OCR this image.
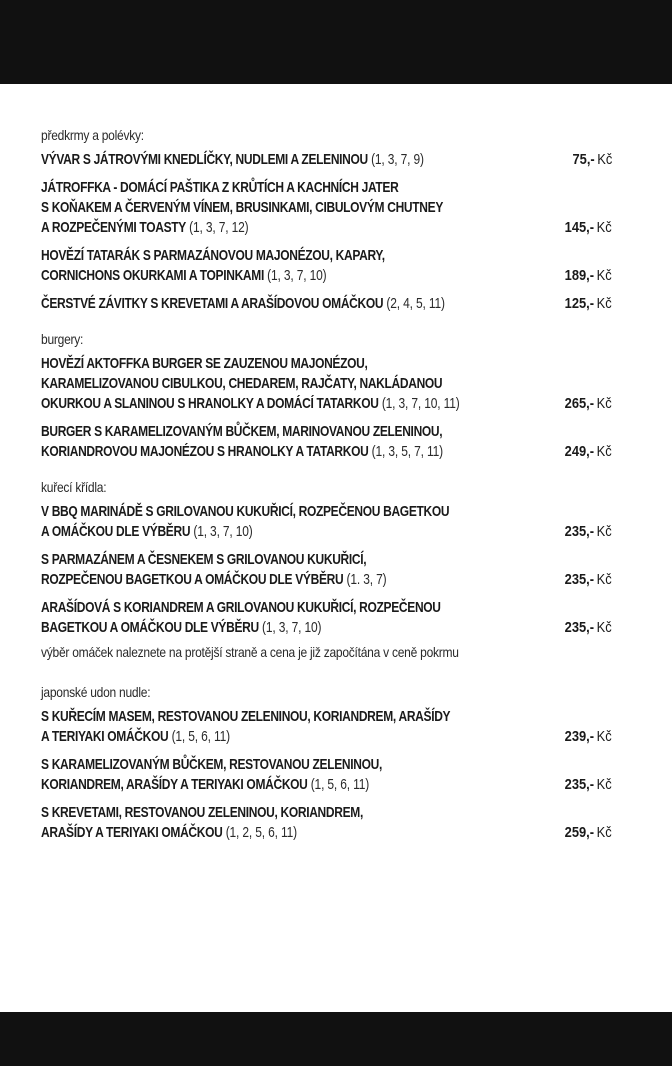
předkrmy a polévky:
VÝVAR S JÁTROVÝMI KNEDLÍČKY, NUDLEMI A ZELENINOU (1, 3, 7, 9)	75,- Kč
JÁTROFFKA - DOMÁCÍ PAŠTIKA Z KRŮTÍCH A KACHNÍCH JATER
S KOŇAKEM A ČERVENÝM VÍNEM, BRUSINKAMI, CIBULOVÝM CHUTNEY
A ROZPEČENÝMI TOASTY (1, 3, 7, 12)	145,- Kč
HOVĚZÍ TATARÁK S PARMAZÁNOVOU MAJONÉZOU, KAPARY,
CORNICHONS OKURKAMI A TOPINKAMI (1, 3, 7, 10)	189,- Kč
ČERSTVÉ ZÁVITKY S KREVETAMI A ARAŠÍDOVOU OMÁČKOU (2, 4, 5, 11)	125,- Kč
burgery:
HOVĚZÍ AKTOFFKA BURGER SE ZAUZENOU MAJONÉZOU,
KARAMELIZOVANOU CIBULKOU, CHEDAREM, RAJČATY, NAKLÁDANOU
OKURKOU A SLANINOU S HRANOLKY A DOMÁCÍ TATARKOU (1, 3, 7, 10, 11)	265,- Kč
BURGER S KARAMELIZOVANÝM BŮČKEM, MARINOVANOU ZELENINOU,
KORIANDROVOU MAJONÉZOU S HRANOLKY A TATARKOU (1, 3, 5, 7, 11)	249,- Kč
kuřecí křídla:
V BBQ MARINÁDĚ S GRILOVANOU KUKUŘICÍ, ROZPEČENOU BAGETKOU
A OMÁČKOU DLE VÝBĚRU (1, 3, 7, 10)	235,- Kč
S PARMAZÁNEM A ČESNEKEM S GRILOVANOU KUKUŘICÍ,
ROZPEČENOU BAGETKOU A OMÁČKOU DLE VÝBĚRU (1. 3, 7)	235,- Kč
ARAŠÍDOVÁ S KORIANDREM A GRILOVANOU KUKUŘICÍ, ROZPEČENOU
BAGETKOU A OMÁČKOU DLE VÝBĚRU (1, 3, 7, 10)	235,- Kč
výběr omáček naleznete na protější straně a cena je již započítána v ceně pokrmu
japonské udon nudle:
S KUŘECÍM MASEM, RESTOVANOU ZELENINOU, KORIANDREM, ARAŠÍDY
A TERIYAKI OMÁČKOU (1, 5, 6, 11)	239,- Kč
S KARAMELIZOVANÝM BŮČKEM, RESTOVANOU ZELENINOU,
KORIANDREM, ARAŠÍDY A TERIYAKI OMÁČKOU (1, 5, 6, 11)	235,- Kč
S KREVETAMI, RESTOVANOU ZELENINOU, KORIANDREM,
ARAŠÍDY A TERIYAKI OMÁČKOU (1, 2, 5, 6, 11)	259,- Kč
